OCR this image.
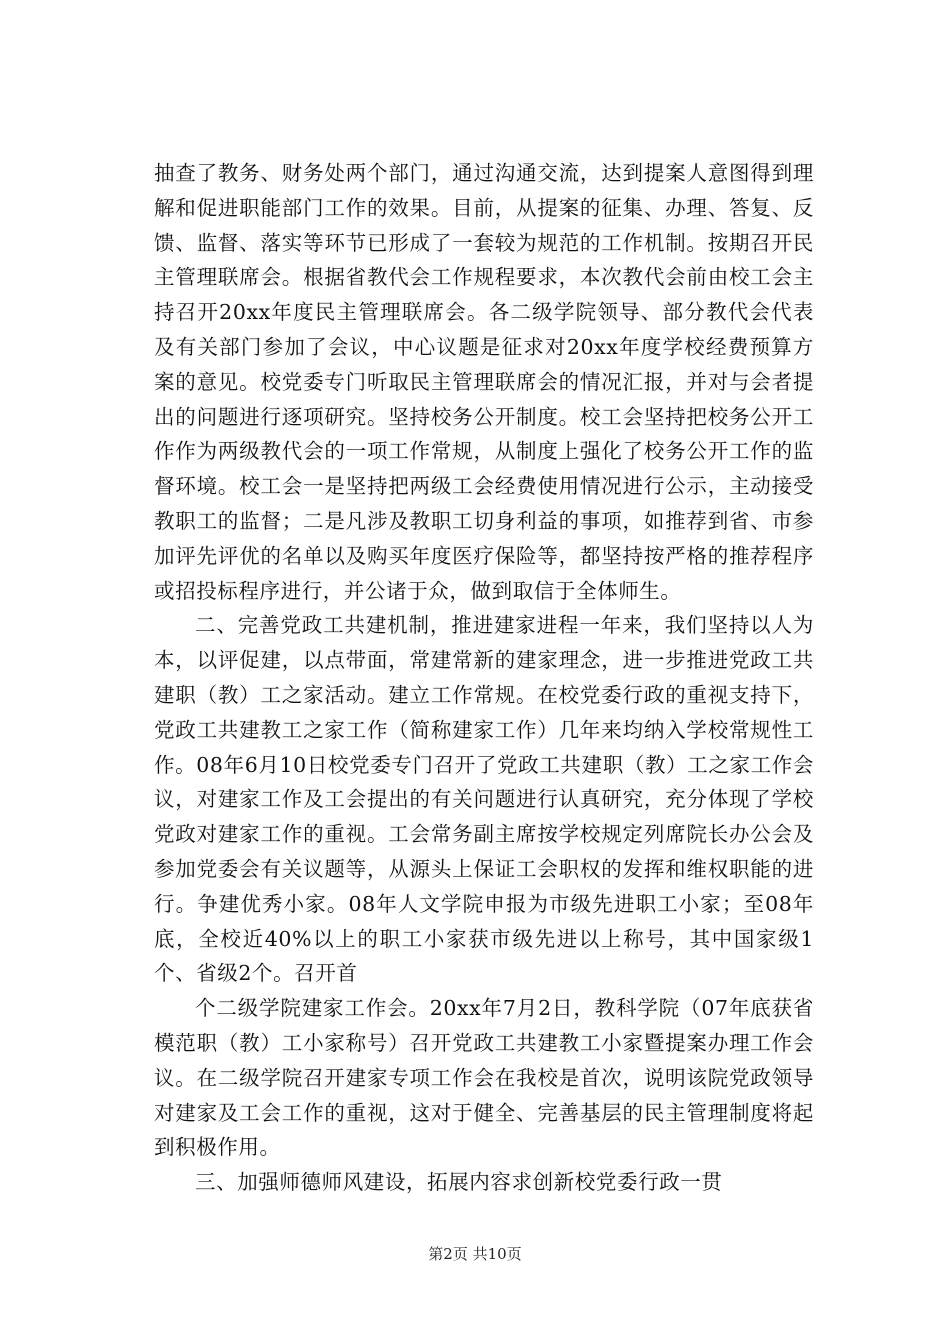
抽查了教务、财务处两个部门，通过沟通交流，达到提案人意图得到理解和促进职能部门工作的效果。目前，从提案的征集、办理、答复、反馈、监督、落实等环节已形成了一套较为规范的工作机制。按期召开民主管理联席会。根据省教代会工作规程要求，本次教代会前由校工会主持召开20xx年度民主管理联席会。各二级学院领导、部分教代会代表及有关部门参加了会议，中心议题是征求对20xx年度学校经费预算方案的意见。校党委专门听取民主管理联席会的情况汇报，并对与会者提出的问题进行逐项研究。坚持校务公开制度。校工会坚持把校务公开工作作为两级教代会的一项工作常规，从制度上强化了校务公开工作的监督环境。校工会一是坚持把两级工会经费使用情况进行公示，主动接受教职工的监督；二是凡涉及教职工切身利益的事项，如推荐到省、市参加评先评优的名单以及购买年度医疗保险等，都坚持按严格的推荐程序或招投标程序进行，并公诸于众，做到取信于全体师生。

二、完善党政工共建机制，推进建家进程一年来，我们坚持以人为本，以评促建，以点带面，常建常新的建家理念，进一步推进党政工共建职（教）工之家活动。建立工作常规。在校党委行政的重视支持下，党政工共建教工之家工作（简称建家工作）几年来均纳入学校常规性工作。08年6月10日校党委专门召开了党政工共建职（教）工之家工作会议，对建家工作及工会提出的有关问题进行认真研究，充分体现了学校党政对建家工作的重视。工会常务副主席按学校规定列席院长办公会及参加党委会有关议题等，从源头上保证工会职权的发挥和维权职能的进行。争建优秀小家。08年人文学院申报为市级先进职工小家；至08年底，全校近40%以上的职工小家获市级先进以上称号，其中国家级1个、省级2个。召开首

个二级学院建家工作会。20xx年7月2日，教科学院（07年底获省模范职（教）工小家称号）召开党政工共建教工小家暨提案办理工作会议。在二级学院召开建家专项工作会在我校是首次，说明该院党政领导对建家及工会工作的重视，这对于健全、完善基层的民主管理制度将起到积极作用。

三、加强师德师风建设，拓展内容求创新校党委行政一贯

第2页 共10页
